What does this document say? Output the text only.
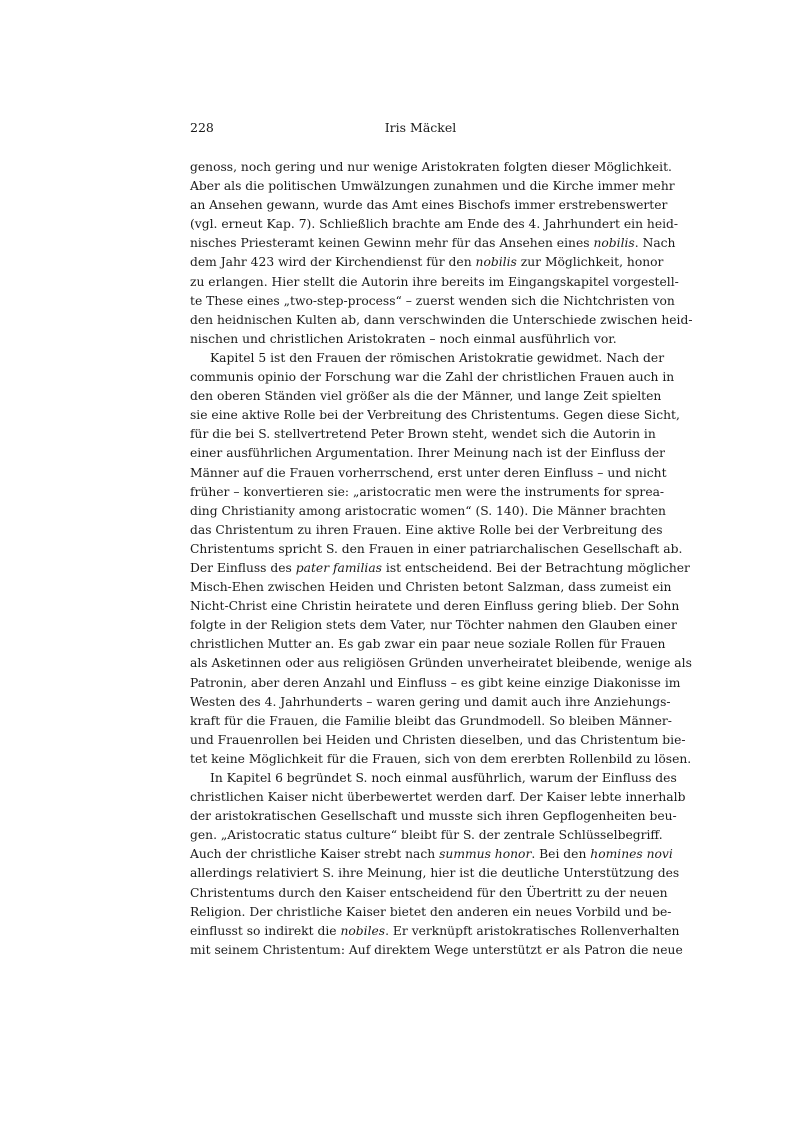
228	Iris Mäckel
genoss, noch gering und nur wenige Aristokraten folgten dieser Möglichkeit.
Aber als die politischen Umwälzungen zunahmen und die Kirche immer mehr
an Ansehen gewann, wurde das Amt eines Bischofs immer erstrebenswerter
(vgl. erneut Kap. 7). Schließlich brachte am Ende des 4. Jahrhundert ein heid-
nisches Priesteramt keinen Gewinn mehr für das Ansehen eines nobilis. Nach
dem Jahr 423 wird der Kirchendienst für den nobilis zur Möglichkeit, honor
zu erlangen. Hier stellt die Autorin ihre bereits im Eingangskapitel vorgestell-
te These eines „two-step-process“ – zuerst wenden sich die Nichtchristen von
den heidnischen Kulten ab, dann verschwinden die Unterschiede zwischen heid-
nischen und christlichen Aristokraten – noch einmal ausführlich vor.
Kapitel 5 ist den Frauen der römischen Aristokratie gewidmet. Nach der
communis opinio der Forschung war die Zahl der christlichen Frauen auch in
den oberen Ständen viel größer als die der Männer, und lange Zeit spielten
sie eine aktive Rolle bei der Verbreitung des Christentums. Gegen diese Sicht,
für die bei S. stellvertretend Peter Brown steht, wendet sich die Autorin in
einer ausführlichen Argumentation. Ihrer Meinung nach ist der Einfluss der
Männer auf die Frauen vorherrschend, erst unter deren Einfluss – und nicht
früher – konvertieren sie: „aristocratic men were the instruments for sprea-
ding Christianity among aristocratic women“ (S. 140). Die Männer brachten
das Christentum zu ihren Frauen. Eine aktive Rolle bei der Verbreitung des
Christentums spricht S. den Frauen in einer patriarchalischen Gesellschaft ab.
Der Einfluss des pater familias ist entscheidend. Bei der Betrachtung möglicher
Misch-Ehen zwischen Heiden und Christen betont Salzman, dass zumeist ein
Nicht-Christ eine Christin heiratete und deren Einfluss gering blieb. Der Sohn
folgte in der Religion stets dem Vater, nur Töchter nahmen den Glauben einer
christlichen Mutter an. Es gab zwar ein paar neue soziale Rollen für Frauen
als Asketinnen oder aus religiösen Gründen unverheiratet bleibende, wenige als
Patronin, aber deren Anzahl und Einfluss – es gibt keine einzige Diakonisse im
Westen des 4. Jahrhunderts – waren gering und damit auch ihre Anziehungs-
kraft für die Frauen, die Familie bleibt das Grundmodell. So bleiben Männer-
und Frauenrollen bei Heiden und Christen dieselben, und das Christentum bie-
tet keine Möglichkeit für die Frauen, sich von dem ererbten Rollenbild zu lösen.
In Kapitel 6 begründet S. noch einmal ausführlich, warum der Einfluss des
christlichen Kaiser nicht überbewertet werden darf. Der Kaiser lebte innerhalb
der aristokratischen Gesellschaft und musste sich ihren Gepflogenheiten beu-
gen. „Aristocratic status culture“ bleibt für S. der zentrale Schlüsselbegriff.
Auch der christliche Kaiser strebt nach summus honor. Bei den homines novi
allerdings relativiert S. ihre Meinung, hier ist die deutliche Unterstützung des
Christentums durch den Kaiser entscheidend für den Übertritt zu der neuen
Religion. Der christliche Kaiser bietet den anderen ein neues Vorbild und be-
einflusst so indirekt die nobiles. Er verknüpft aristokratisches Rollenverhalten
mit seinem Christentum: Auf direktem Wege unterstützt er als Patron die neue
